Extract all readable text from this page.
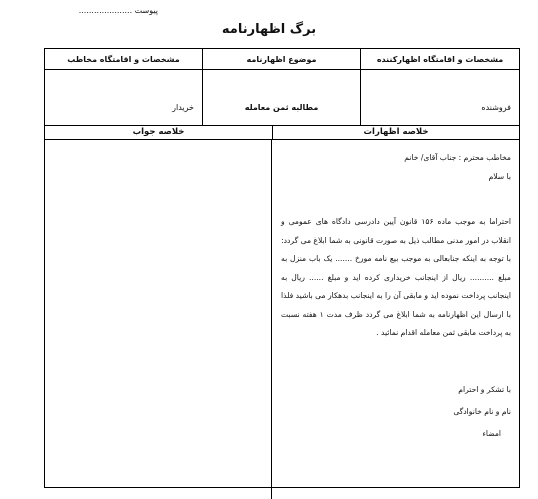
پیوست .....................
برگ اظهارنامه
مشخصات و اقامتگاه اظهارکننده
موضوع اظهارنامه
مشخصات و اقامتگاه مخاطب
فروشنده
مطالبه ثمن معامله
خریدار
خلاصه اظهارات
خلاصه جواب

مخاطب محترم : جناب آقای/ خانم

با سلام

احتراما به موجب ماده ۱۵۶ قانون آیین دادرسی دادگاه های عمومی و انقلاب در امور مدنی مطالب ذیل به صورت قانونی به شما ابلاغ می گردد:

با توجه به اینکه جنابعالی به موجب بیع نامه مورخ ....... یک باب منزل به مبلغ .......... ریال از اینجانب خریداری کرده اید و مبلغ ...... ریال به اینجانب پرداخت نموده اید و مابقی آن را به اینجانب بدهکار می باشید فلذا با ارسال این اظهارنامه به شما ابلاغ می گردد ظرف مدت ۱ هفته نسبت به پرداخت مابقی ثمن معامله اقدام نمائید .

با تشکر و احترام

نام و نام خانوادگی

امضاء
